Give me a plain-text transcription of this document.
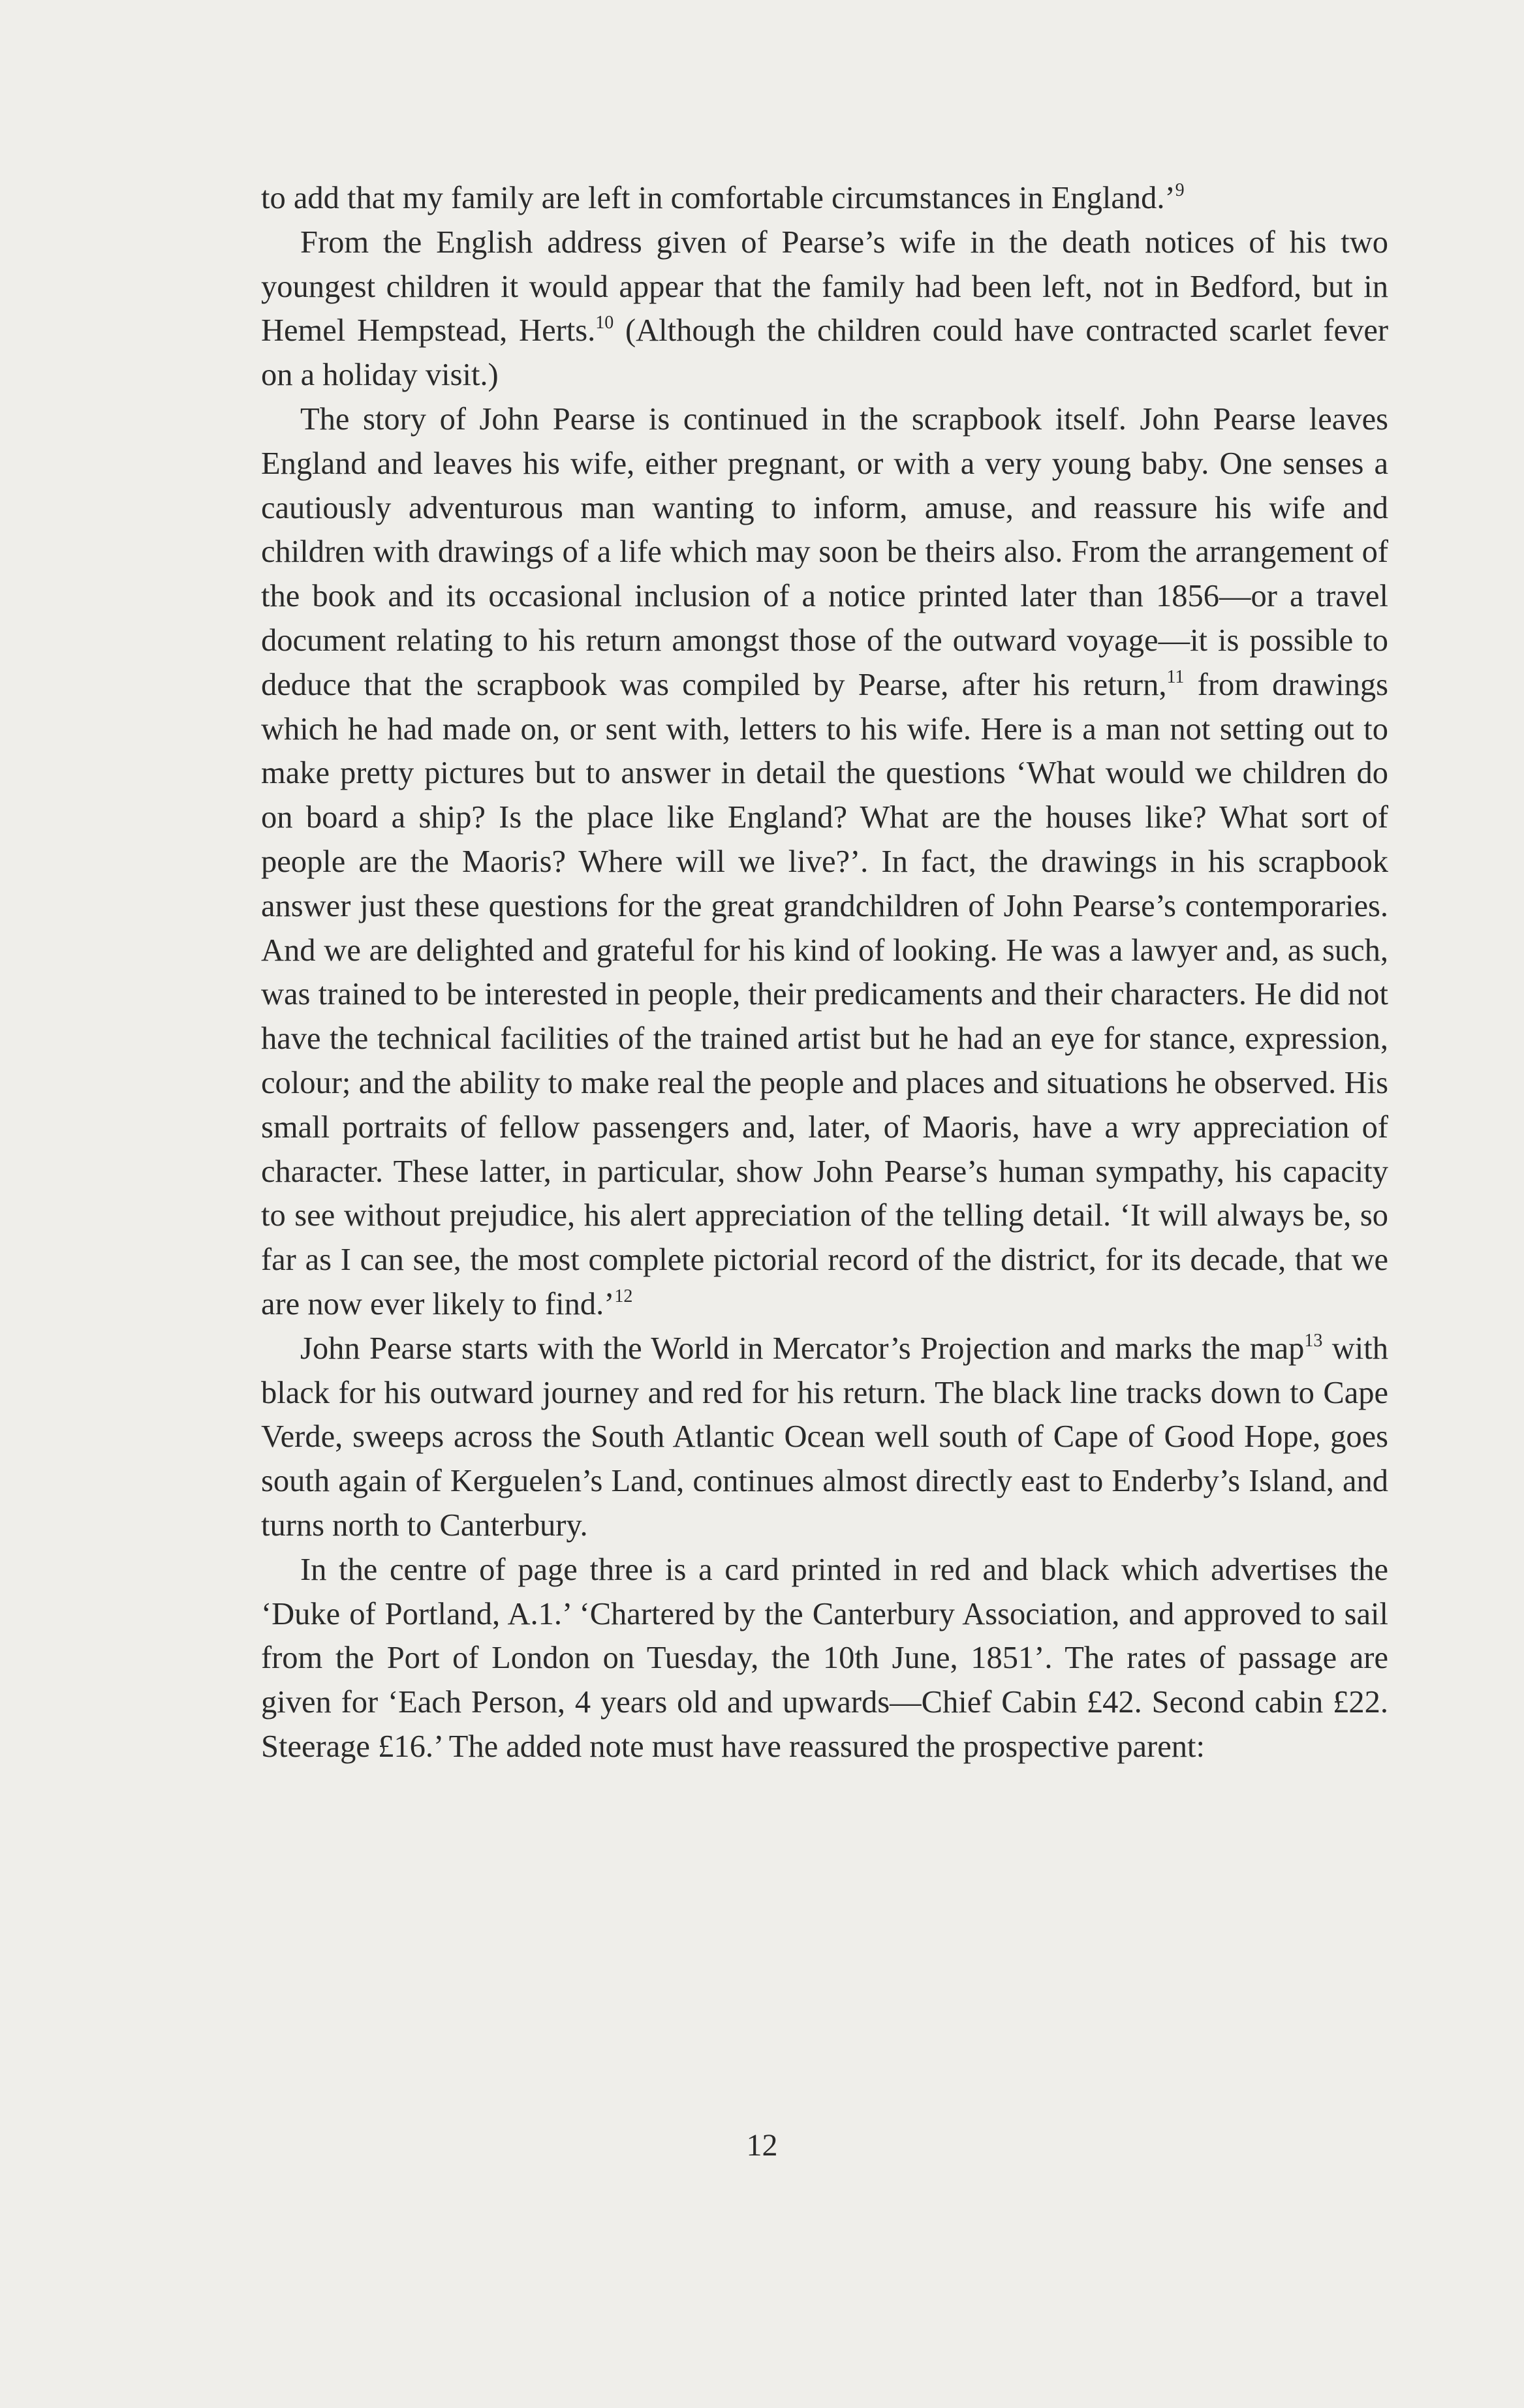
to add that my family are left in comfortable circumstances in England.’$^9$

From the English address given of Pearse’s wife in the death notices of his two youngest children it would appear that the family had been left, not in Bedford, but in Hemel Hempstead, Herts.$^{10}$ (Although the children could have contracted scarlet fever on a holiday visit.)

The story of John Pearse is continued in the scrapbook itself. John Pearse leaves England and leaves his wife, either pregnant, or with a very young baby. One senses a cautiously adventurous man wanting to inform, amuse, and reassure his wife and children with drawings of a life which may soon be theirs also. From the arrangement of the book and its occasional inclusion of a notice printed later than 1856—or a travel document relating to his return amongst those of the outward voyage—it is possible to deduce that the scrapbook was compiled by Pearse, after his return,$^{11}$ from drawings which he had made on, or sent with, letters to his wife. Here is a man not setting out to make pretty pictures but to answer in detail the questions ‘What would we children do on board a ship? Is the place like England? What are the houses like? What sort of people are the Maoris? Where will we live?’. In fact, the drawings in his scrapbook answer just these questions for the great grandchildren of John Pearse’s contemporaries. And we are delighted and grateful for his kind of looking. He was a lawyer and, as such, was trained to be interested in people, their predicaments and their characters. He did not have the technical facilities of the trained artist but he had an eye for stance, expression, colour; and the ability to make real the people and places and situations he observed. His small portraits of fellow passengers and, later, of Maoris, have a wry appreciation of character. These latter, in particular, show John Pearse’s human sympathy, his capacity to see without prejudice, his alert appreciation of the telling detail. ‘It will always be, so far as I can see, the most complete pictorial record of the district, for its decade, that we are now ever likely to find.’$^{12}$

John Pearse starts with the World in Mercator’s Projection and marks the map$^{13}$ with black for his outward journey and red for his return. The black line tracks down to Cape Verde, sweeps across the South Atlantic Ocean well south of Cape of Good Hope, goes south again of Kerguelen’s Land, continues almost directly east to Enderby’s Island, and turns north to Canterbury.

In the centre of page three is a card printed in red and black which advertises the ‘Duke of Portland, A.1.’ ‘Chartered by the Canterbury Association, and approved to sail from the Port of London on Tuesday, the 10th June, 1851’. The rates of passage are given for ‘Each Person, 4 years old and upwards—Chief Cabin £42. Second cabin £22. Steerage £16.’ The added note must have reassured the prospective parent:

12
